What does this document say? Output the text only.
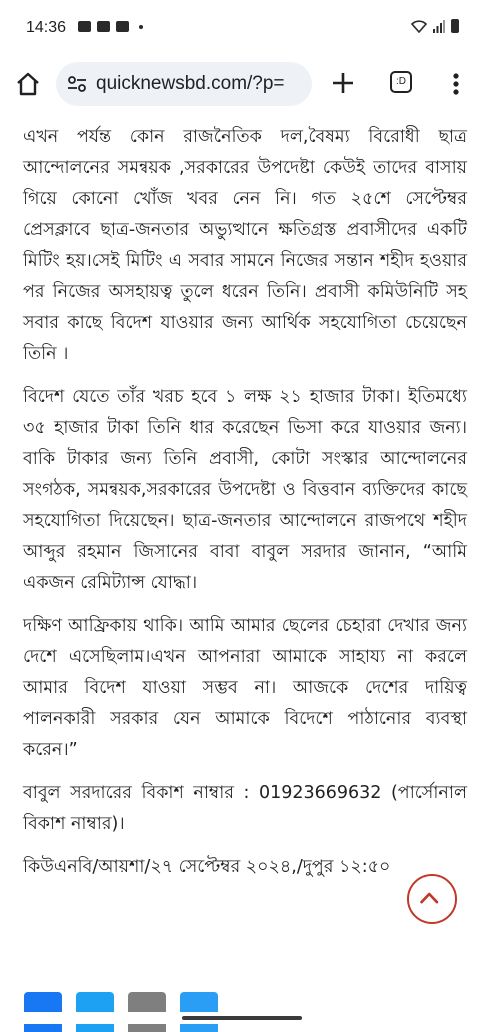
14:36
quicknewsbd.com/?p=	:D

এখন পর্যন্ত কোন রাজনৈতিক দল,বৈষম্য বিরোধী ছাত্র আন্দোলনের সমন্বয়ক ,সরকারের উপদেষ্টা কেউই তাদের বাসায় গিয়ে কোনো খোঁজ খবর নেন নি। গত ২৫শে সেপ্টেম্বর প্রেসক্লাবে ছাত্র-জনতার অভ্যুত্থানে ক্ষতিগ্রস্ত প্রবাসীদের একটি মিটিং হয়।সেই মিটিং এ সবার সামনে নিজের সন্তান শহীদ হওয়ার পর নিজের অসহায়ত্ব তুলে ধরেন তিনি। প্রবাসী কমিউনিটি সহ সবার কাছে বিদেশ যাওয়ার জন্য আর্থিক সহযোগিতা চেয়েছেন তিনি ।

বিদেশ যেতে তাঁর খরচ হবে ১ লক্ষ ২১ হাজার টাকা। ইতিমধ্যে ৩৫ হাজার টাকা তিনি ধার করেছেন ভিসা করে যাওয়ার জন্য।বাকি টাকার জন্য তিনি প্রবাসী, কোটা সংস্কার আন্দোলনের সংগঠক, সমন্বয়ক,সরকারের উপদেষ্টা ও বিত্তবান ব্যক্তিদের কাছে সহযোগিতা দিয়েছেন। ছাত্র-জনতার আন্দোলনে রাজপথে শহীদ আব্দুর রহমান জিসানের বাবা বাবুল সরদার জানান, “আমি একজন রেমিট্যান্স যোদ্ধা।

দক্ষিণ আফ্রিকায় থাকি। আমি আমার ছেলের চেহারা দেখার জন্য দেশে এসেছিলাম।এখন আপনারা আমাকে সাহায্য না করলে আমার বিদেশ যাওয়া সম্ভব না। আজকে দেশের দায়িত্ব পালনকারী সরকার যেন আমাকে বিদেশে পাঠানোর ব্যবস্থা করেন।”

বাবুল সরদারের বিকাশ নাম্বার : 01923669632 (পার্সোনাল বিকাশ নাম্বার)।

কিউএনবি/আয়শা/২৭ সেপ্টেম্বর ২০২৪,/দুপুর ১২:৫০
